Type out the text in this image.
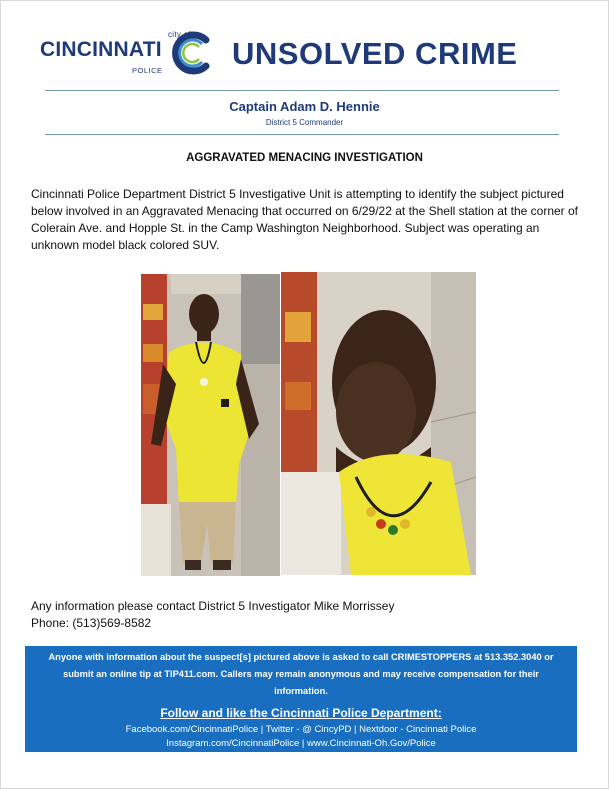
city of
CINCINNATI
POLICE UNSOLVED CRIME
Captain Adam D. Hennie
District 5 Commander
AGGRAVATED MENACING INVESTIGATION

Cincinnati Police Department District 5 Investigative Unit is attempting to identify the subject pictured below involved in an Aggravated Menacing that occurred on 6/29/22 at the Shell station at the corner of Colerain Ave. and Hopple St. in the Camp Washington Neighborhood. Subject was operating an unknown model black colored SUV.

Any information please contact District 5 Investigator Mike Morrissey
Phone: (513)569-8582
Anyone with information about the suspect[s] pictured above is asked to call CRIMESTOPPERS at 513.352.3040 or submit an online tip at TIP411.com. Callers may remain anonymous and may receive compensation for their information.
Follow and like the Cincinnati Police Department:
Facebook.com/CincinnatiPolice | Twitter - @ CincyPD | Nextdoor - Cincinnati Police
Instagram.com/CincinnatiPolice | www.Cincinnati-Oh.Gov/Police
